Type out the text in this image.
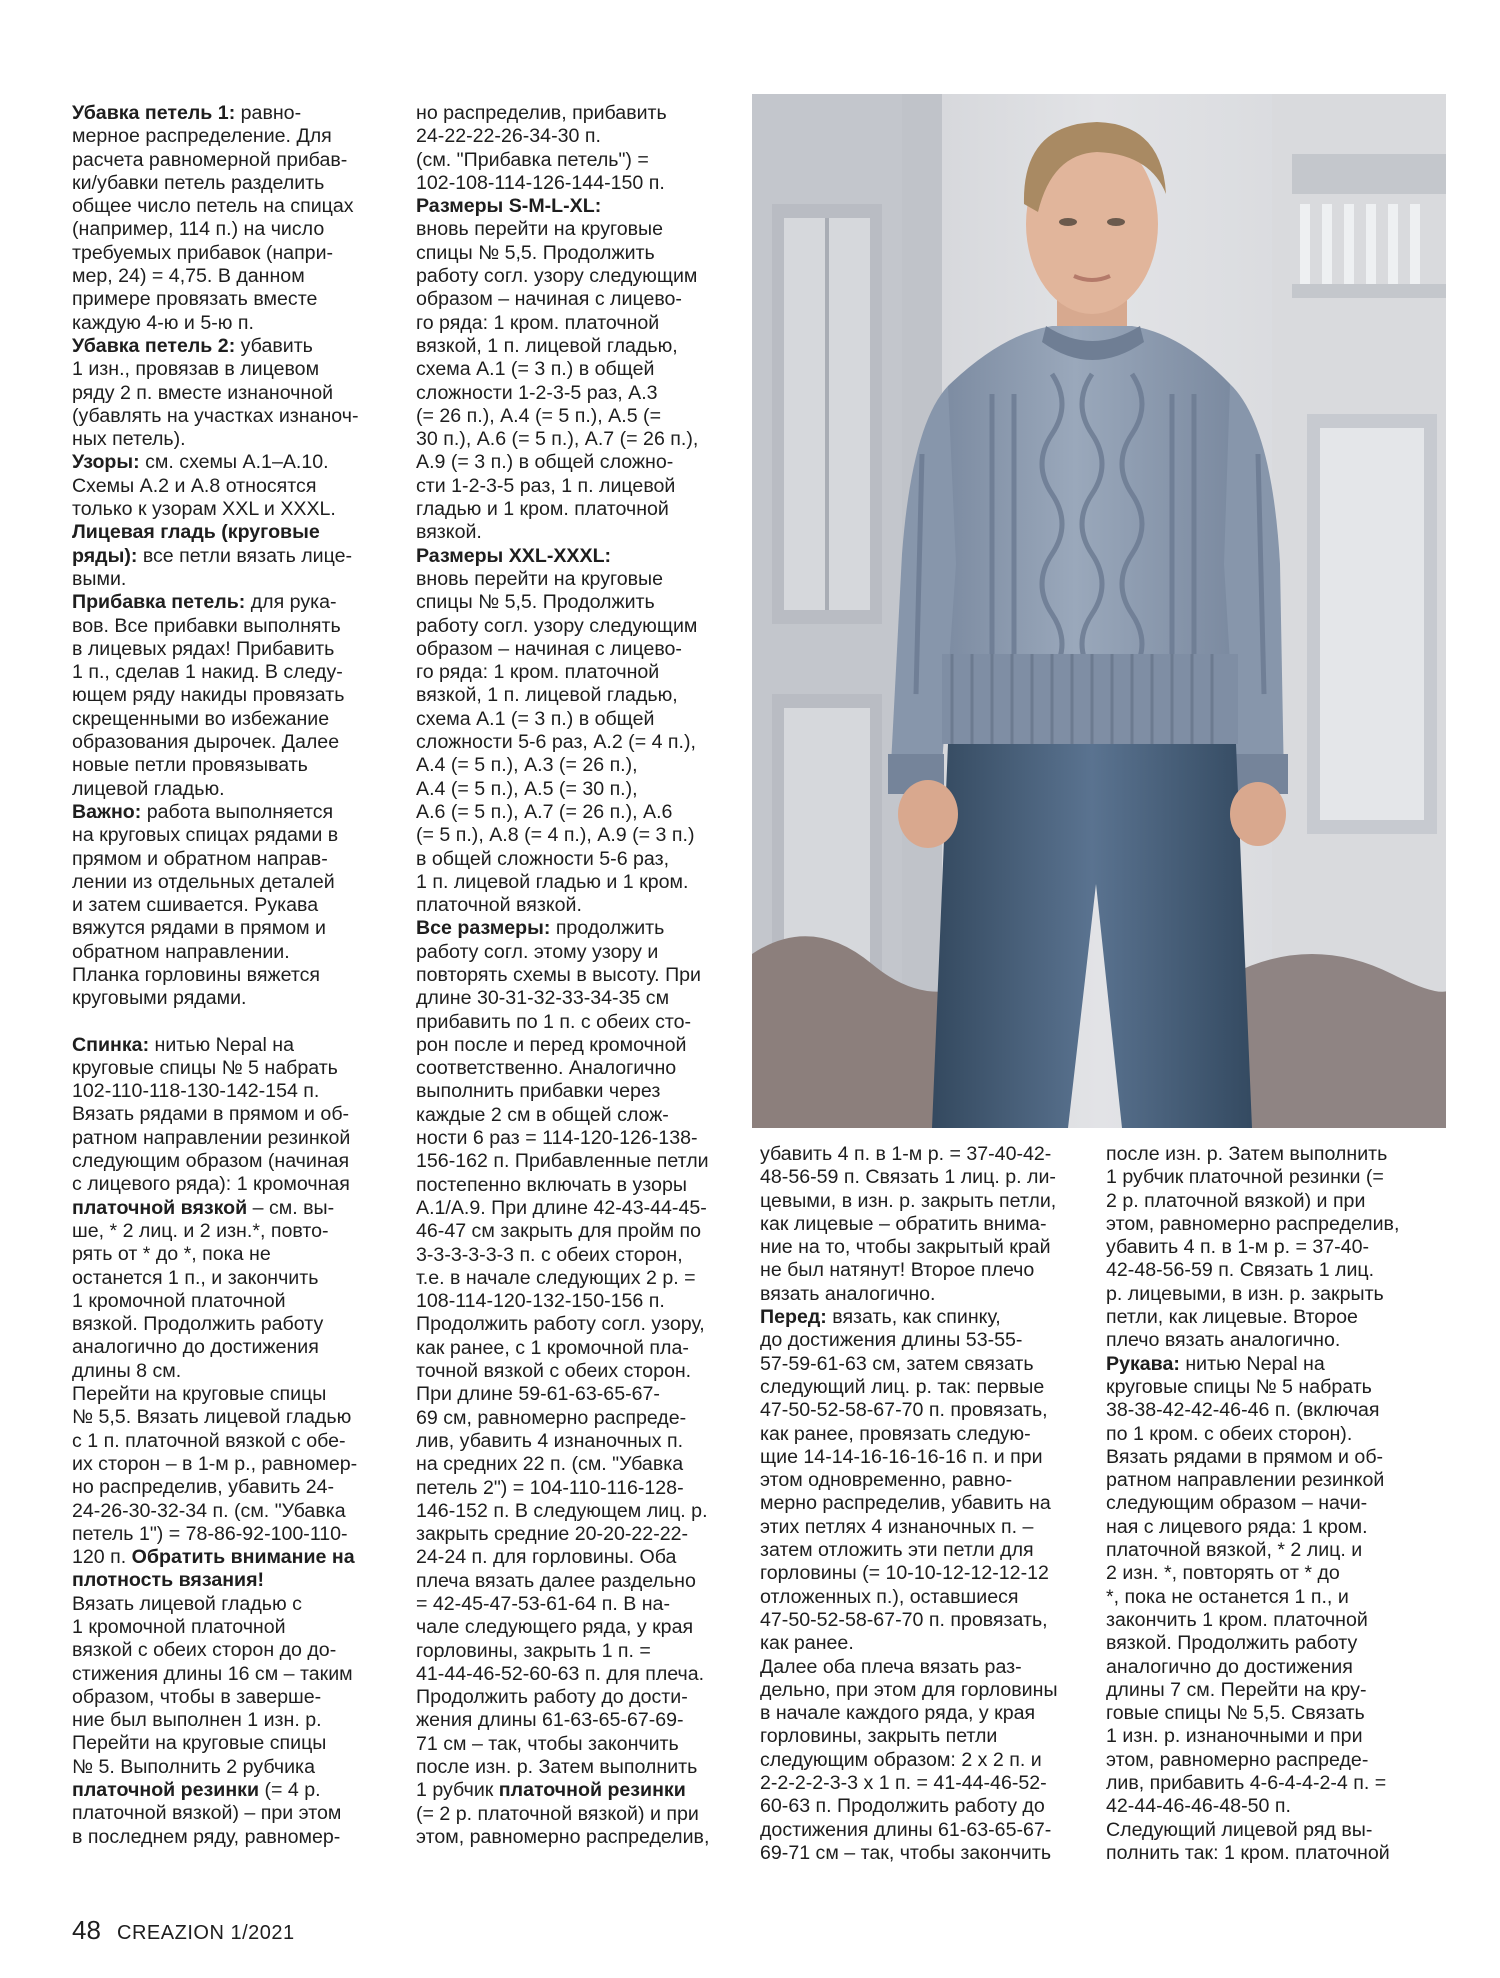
Убавка петель 1: равно-

мерное распределение. Для

расчета равномерной прибав-

ки/убавки петель разделить

общее число петель на спицах

(например, 114 п.) на число

требуемых прибавок (напри-

мер, 24) = 4,75. В данном

примере провязать вместе

каждую 4-ю и 5-ю п.

Убавка петель 2: убавить

1 изн., провязав в лицевом

ряду 2 п. вместе изнаночной

(убавлять на участках изнаноч-

ных петель).

Узоры: см. схемы А.1–А.10.

Схемы А.2 и А.8 относятся

только к узорам XXL и XXXL.

Лицевая гладь (круговые

ряды): все петли вязать лице-

выми.

Прибавка петель: для рука-

вов. Все прибавки выполнять

в лицевых рядах! Прибавить

1 п., сделав 1 накид. В следу-

ющем ряду накиды провязать

скрещенными во избежание

образования дырочек. Далее

новые петли провязывать

лицевой гладью.

Важно: работа выполняется

на круговых спицах рядами в

прямом и обратном направ-

лении из отдельных деталей

и затем сшивается. Рукава

вяжутся рядами в прямом и

обратном направлении.

Планка горловины вяжется

круговыми рядами.

Спинка: нитью Nepal на

круговые спицы № 5 набрать

102-110-118-130-142-154 п.

Вязать рядами в прямом и об-

ратном направлении резинкой

следующим образом (начиная

с лицевого ряда): 1 кромочная

платочной вязкой – см. вы-

ше, * 2 лиц. и 2 изн.*, повто-

рять от * до *, пока не

останется 1 п., и закончить

1 кромочной платочной

вязкой. Продолжить работу

аналогично до достижения

длины 8 см.

Перейти на круговые спицы

№ 5,5. Вязать лицевой гладью

с 1 п. платочной вязкой с обе-

их сторон – в 1-м р., равномер-

но распределив, убавить 24-

24-26-30-32-34 п. (см. "Убавка

петель 1") = 78-86-92-100-110-

120 п. Обратить внимание на

плотность вязания!

Вязать лицевой гладью с

1 кромочной платочной

вязкой с обеих сторон до до-

стижения длины 16 см – таким

образом, чтобы в заверше-

ние был выполнен 1 изн. р.

Перейти на круговые спицы

№ 5. Выполнить 2 рубчика

платочной резинки (= 4 р.

платочной вязкой) – при этом

в последнем ряду, равномер-

но распределив, прибавить

24-22-22-26-34-30 п.

(см. "Прибавка петель") =

102-108-114-126-144-150 п.

Размеры S-M-L-XL:

вновь перейти на круговые

спицы № 5,5. Продолжить

работу согл. узору следующим

образом – начиная с лицево-

го ряда: 1 кром. платочной

вязкой, 1 п. лицевой гладью,

схема А.1 (= 3 п.) в общей

сложности 1-2-3-5 раз, А.3

(= 26 п.), А.4 (= 5 п.), А.5 (=

30 п.), А.6 (= 5 п.), А.7 (= 26 п.),

А.9 (= 3 п.) в общей сложно-

сти 1-2-3-5 раз, 1 п. лицевой

гладью и 1 кром. платочной

вязкой.

Размеры XXL-XXXL:

вновь перейти на круговые

спицы № 5,5. Продолжить

работу согл. узору следующим

образом – начиная с лицево-

го ряда: 1 кром. платочной

вязкой, 1 п. лицевой гладью,

схема А.1 (= 3 п.) в общей

сложности 5-6 раз, А.2 (= 4 п.),

А.4 (= 5 п.), А.3 (= 26 п.),

А.4 (= 5 п.), А.5 (= 30 п.),

А.6 (= 5 п.), А.7 (= 26 п.), А.6

(= 5 п.), А.8 (= 4 п.), А.9 (= 3 п.)

в общей сложности 5-6 раз,

1 п. лицевой гладью и 1 кром.

платочной вязкой.

Все размеры: продолжить

работу согл. этому узору и

повторять схемы в высоту. При

длине 30-31-32-33-34-35 см

прибавить по 1 п. с обеих сто-

рон после и перед кромочной

соответственно. Аналогично

выполнить прибавки через

каждые 2 см в общей слож-

ности 6 раз = 114-120-126-138-

156-162 п. Прибавленные петли

постепенно включать в узоры

А.1/А.9. При длине 42-43-44-45-

46-47 см закрыть для пройм по

3-3-3-3-3-3 п. с обеих сторон,

т.е. в начале следующих 2 р. =

108-114-120-132-150-156 п.

Продолжить работу согл. узору,

как ранее, с 1 кромочной пла-

точной вязкой с обеих сторон.

При длине 59-61-63-65-67-

69 см, равномерно распреде-

лив, убавить 4 изнаночных п.

на средних 22 п. (см. "Убавка

петель 2") = 104-110-116-128-

146-152 п. В следующем лиц. р.

закрыть средние 20-20-22-22-

24-24 п. для горловины. Оба

плеча вязать далее раздельно

= 42-45-47-53-61-64 п. В на-

чале следующего ряда, у края

горловины, закрыть 1 п. =

41-44-46-52-60-63 п. для плеча.

Продолжить работу до дости-

жения длины 61-63-65-67-69-

71 см – так, чтобы закончить

после изн. р. Затем выполнить

1 рубчик платочной резинки

(= 2 р. платочной вязкой) и при

этом, равномерно распределив,

убавить 4 п. в 1-м р. = 37-40-42-

48-56-59 п. Связать 1 лиц. р. ли-

цевыми, в изн. р. закрыть петли,

как лицевые – обратить внима-

ние на то, чтобы закрытый край

не был натянут! Второе плечо

вязать аналогично.

Перед: вязать, как спинку,

до достижения длины 53-55-

57-59-61-63 см, затем связать

следующий лиц. р. так: первые

47-50-52-58-67-70 п. провязать,

как ранее, провязать следую-

щие 14-14-16-16-16-16 п. и при

этом одновременно, равно-

мерно распределив, убавить на

этих петлях 4 изнаночных п. –

затем отложить эти петли для

горловины (= 10-10-12-12-12-12

отложенных п.), оставшиеся

47-50-52-58-67-70 п. провязать,

как ранее.

Далее оба плеча вязать раз-

дельно, при этом для горловины

в начале каждого ряда, у края

горловины, закрыть петли

следующим образом: 2 х 2 п. и

2-2-2-2-3-3 х 1 п. = 41-44-46-52-

60-63 п. Продолжить работу до

достижения длины 61-63-65-67-

69-71 см – так, чтобы закончить

после изн. р. Затем выполнить

1 рубчик платочной резинки (=

2 р. платочной вязкой) и при

этом, равномерно распределив,

убавить 4 п. в 1-м р. = 37-40-

42-48-56-59 п. Связать 1 лиц.

р. лицевыми, в изн. р. закрыть

петли, как лицевые. Второе

плечо вязать аналогично.

Рукава: нитью Nepal на

круговые спицы № 5 набрать

38-38-42-42-46-46 п. (включая

по 1 кром. с обеих сторон).

Вязать рядами в прямом и об-

ратном направлении резинкой

следующим образом – начи-

ная с лицевого ряда: 1 кром.

платочной вязкой, * 2 лиц. и

2 изн. *, повторять от * до

*, пока не останется 1 п., и

закончить 1 кром. платочной

вязкой. Продолжить работу

аналогично до достижения

длины 7 см. Перейти на кру-

говые спицы № 5,5. Связать

1 изн. р. изнаночными и при

этом, равномерно распреде-

лив, прибавить 4-6-4-4-2-4 п. =

42-44-46-46-48-50 п.

Следующий лицевой ряд вы-

полнить так: 1 кром. платочной

48 CREAZION 1/2021
